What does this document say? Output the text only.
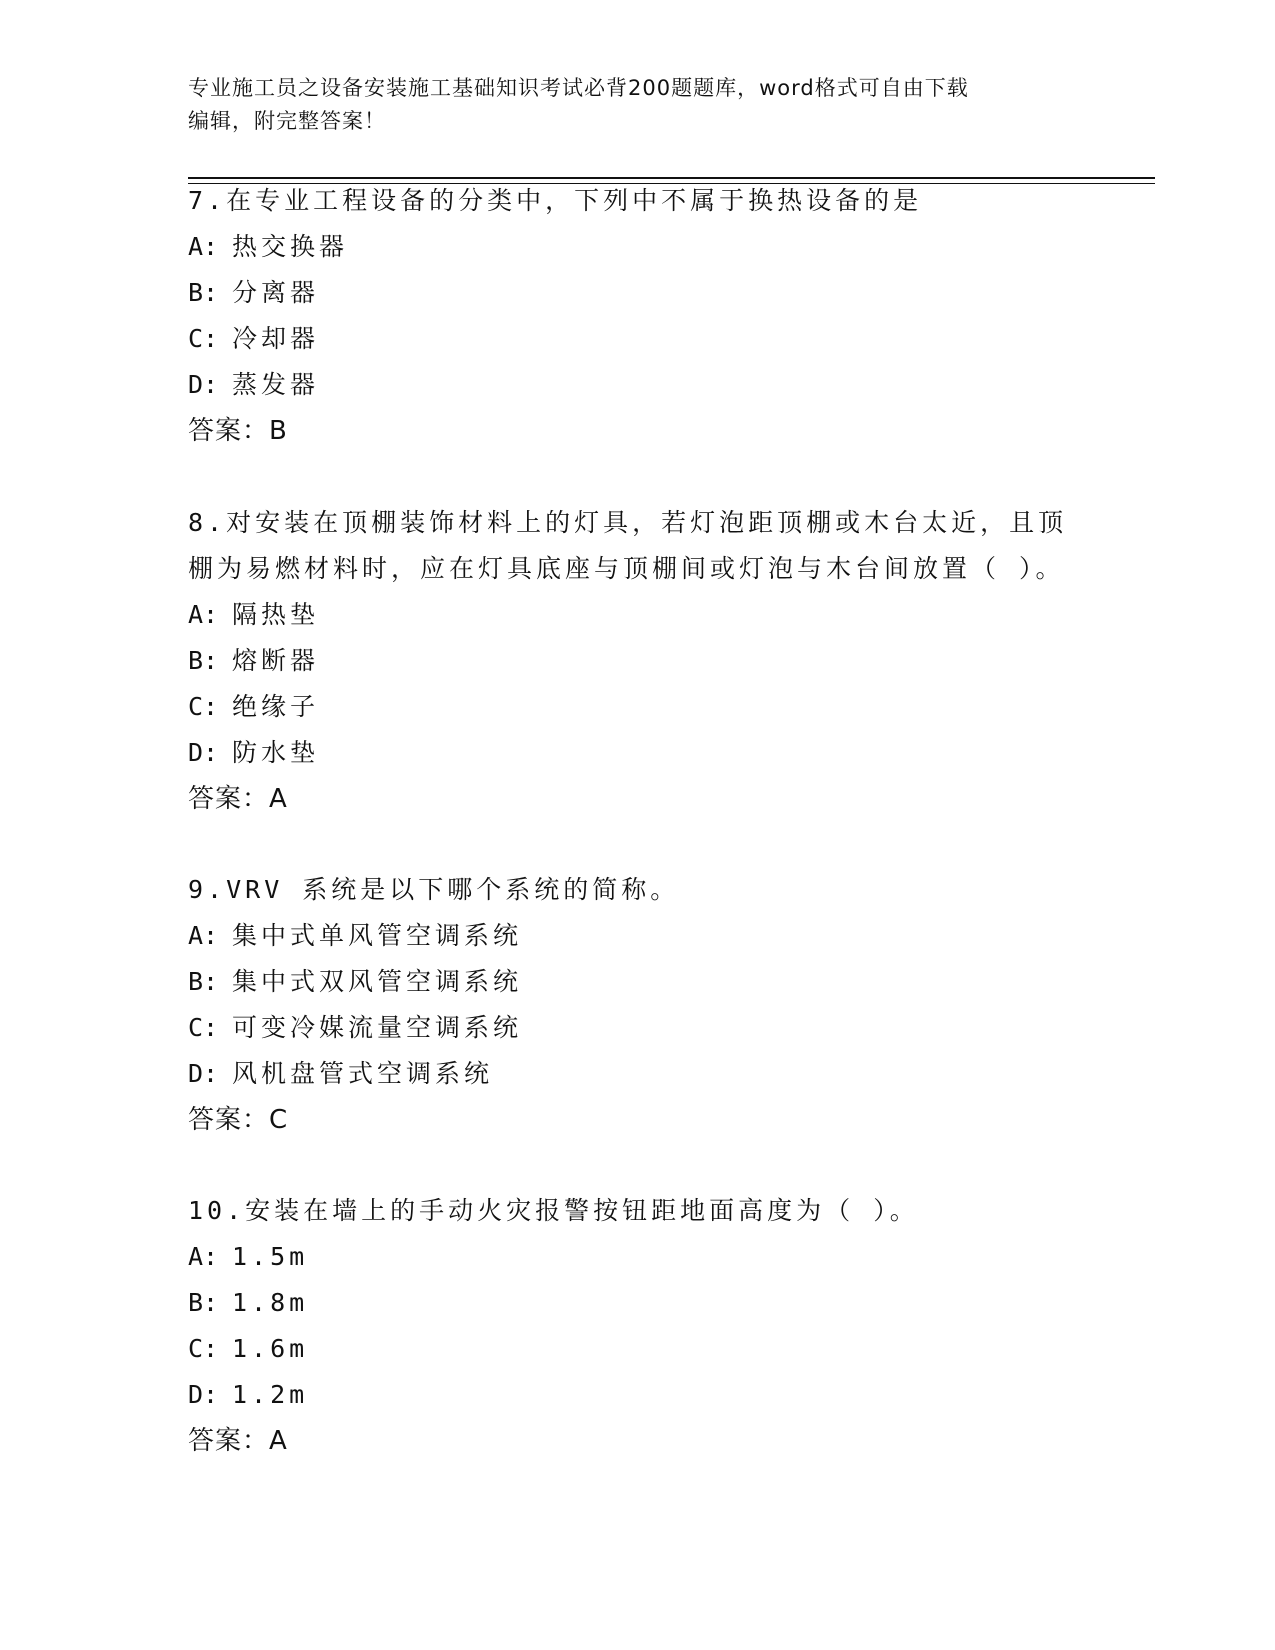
专业施工员之设备安装施工基础知识考试必背200题题库，word格式可自由下载
编辑，附完整答案！

7.在专业工程设备的分类中，下列中不属于换热设备的是

A: 热交换器

B: 分离器

C: 冷却器

D: 蒸发器

答案：B

8.对安装在顶棚装饰材料上的灯具，若灯泡距顶棚或木台太近，且顶

棚为易燃材料时，应在灯具底座与顶棚间或灯泡与木台间放置（ ）。

A: 隔热垫

B: 熔断器

C: 绝缘子

D: 防水垫

答案：A

9.VRV 系统是以下哪个系统的简称。

A: 集中式单风管空调系统

B: 集中式双风管空调系统

C: 可变冷媒流量空调系统

D: 风机盘管式空调系统

答案：C

10.安装在墙上的手动火灾报警按钮距地面高度为（ ）。

A: 1.5m

B: 1.8m

C: 1.6m

D: 1.2m

答案：A
